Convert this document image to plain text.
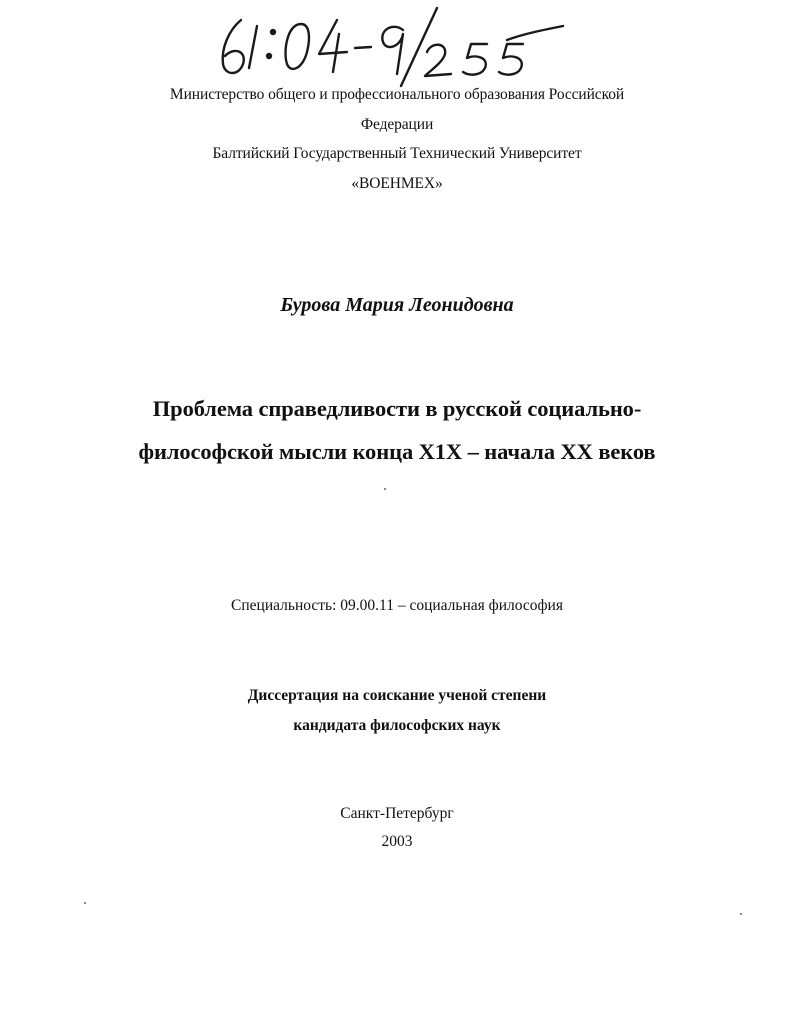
Министерство общего и профессионального образования Российской
Федерации
Балтийский Государственный Технический Университет
«ВОЕНМЕХ»
Бурова Мария Леонидовна
Проблема справедливости в русской социально-
философской мысли конца Х1Х – начала ХХ веков
Специальность: 09.00.11 – социальная философия
Диссертация на соискание ученой степени
кандидата философских наук
Санкт-Петербург
2003
